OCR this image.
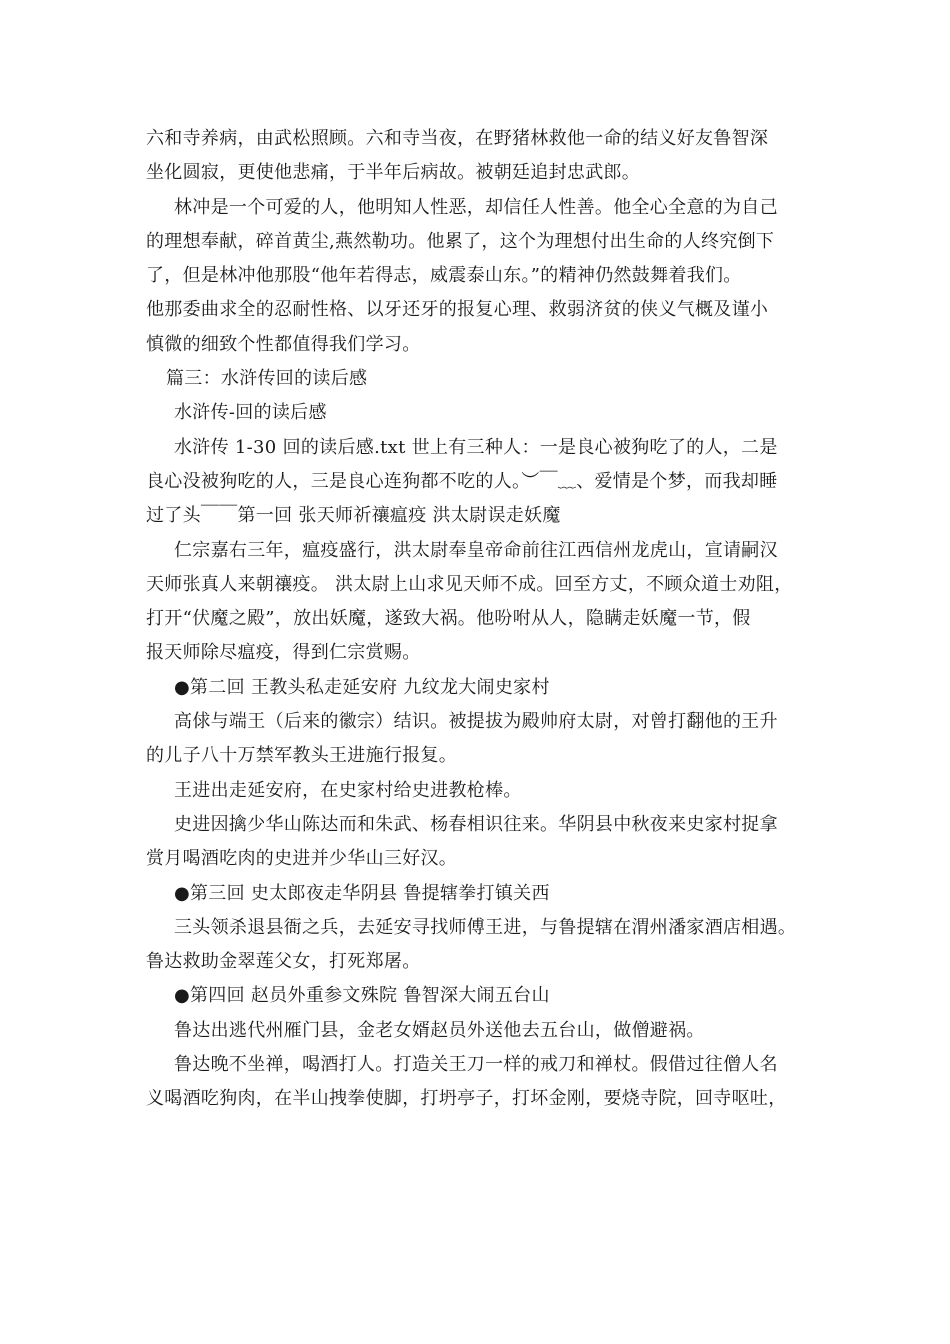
六和寺养病，由武松照顾。六和寺当夜，在野猪林救他一命的结义好友鲁智深
坐化圆寂，更使他悲痛，于半年后病故。被朝廷追封忠武郎。
林冲是一个可爱的人，他明知人性恶，却信任人性善。他全心全意的为自己
的理想奉献，碎首黄尘,燕然勒功。他累了，这个为理想付出生命的人终究倒下
了，但是林冲他那股“他年若得志，威震泰山东。”的精神仍然鼓舞着我们。
他那委曲求全的忍耐性格、以牙还牙的报复心理、救弱济贫的侠义气概及谨小
慎微的细致个性都值得我们学习。
篇三：水浒传回的读后感
水浒传-回的读后感
水浒传 1-30 回的读后感.txt 世上有三种人：一是良心被狗吃了的人，二是
良心没被狗吃的人，三是良心连狗都不吃的人。︶￣﹏、爱情是个梦，而我却睡
过了头￣￣第一回 张天师祈禳瘟疫 洪太尉误走妖魔
仁宗嘉右三年，瘟疫盛行，洪太尉奉皇帝命前往江西信州龙虎山，宣请嗣汉
天师张真人来朝禳疫。 洪太尉上山求见天师不成。回至方丈，不顾众道士劝阻，
打开“伏魔之殿”，放出妖魔，遂致大祸。他吩咐从人，隐瞒走妖魔一节，假
报天师除尽瘟疫，得到仁宗赏赐。
●第二回 王教头私走延安府 九纹龙大闹史家村
高俅与端王（后来的徽宗）结识。被提拔为殿帅府太尉，对曾打翻他的王升
的儿子八十万禁军教头王进施行报复。
王进出走延安府，在史家村给史进教枪棒。
史进因擒少华山陈达而和朱武、杨春相识往来。华阴县中秋夜来史家村捉拿
赏月喝酒吃肉的史进并少华山三好汉。
●第三回 史太郎夜走华阴县 鲁提辖拳打镇关西
三头领杀退县衙之兵，去延安寻找师傅王进，与鲁提辖在渭州潘家酒店相遇。
鲁达救助金翠莲父女，打死郑屠。
●第四回 赵员外重参文殊院 鲁智深大闹五台山
鲁达出逃代州雁门县，金老女婿赵员外送他去五台山，做僧避祸。
鲁达晚不坐禅，喝酒打人。打造关王刀一样的戒刀和禅杖。假借过往僧人名
义喝酒吃狗肉，在半山拽拳使脚，打坍亭子，打坏金刚，要烧寺院，回寺呕吐，
